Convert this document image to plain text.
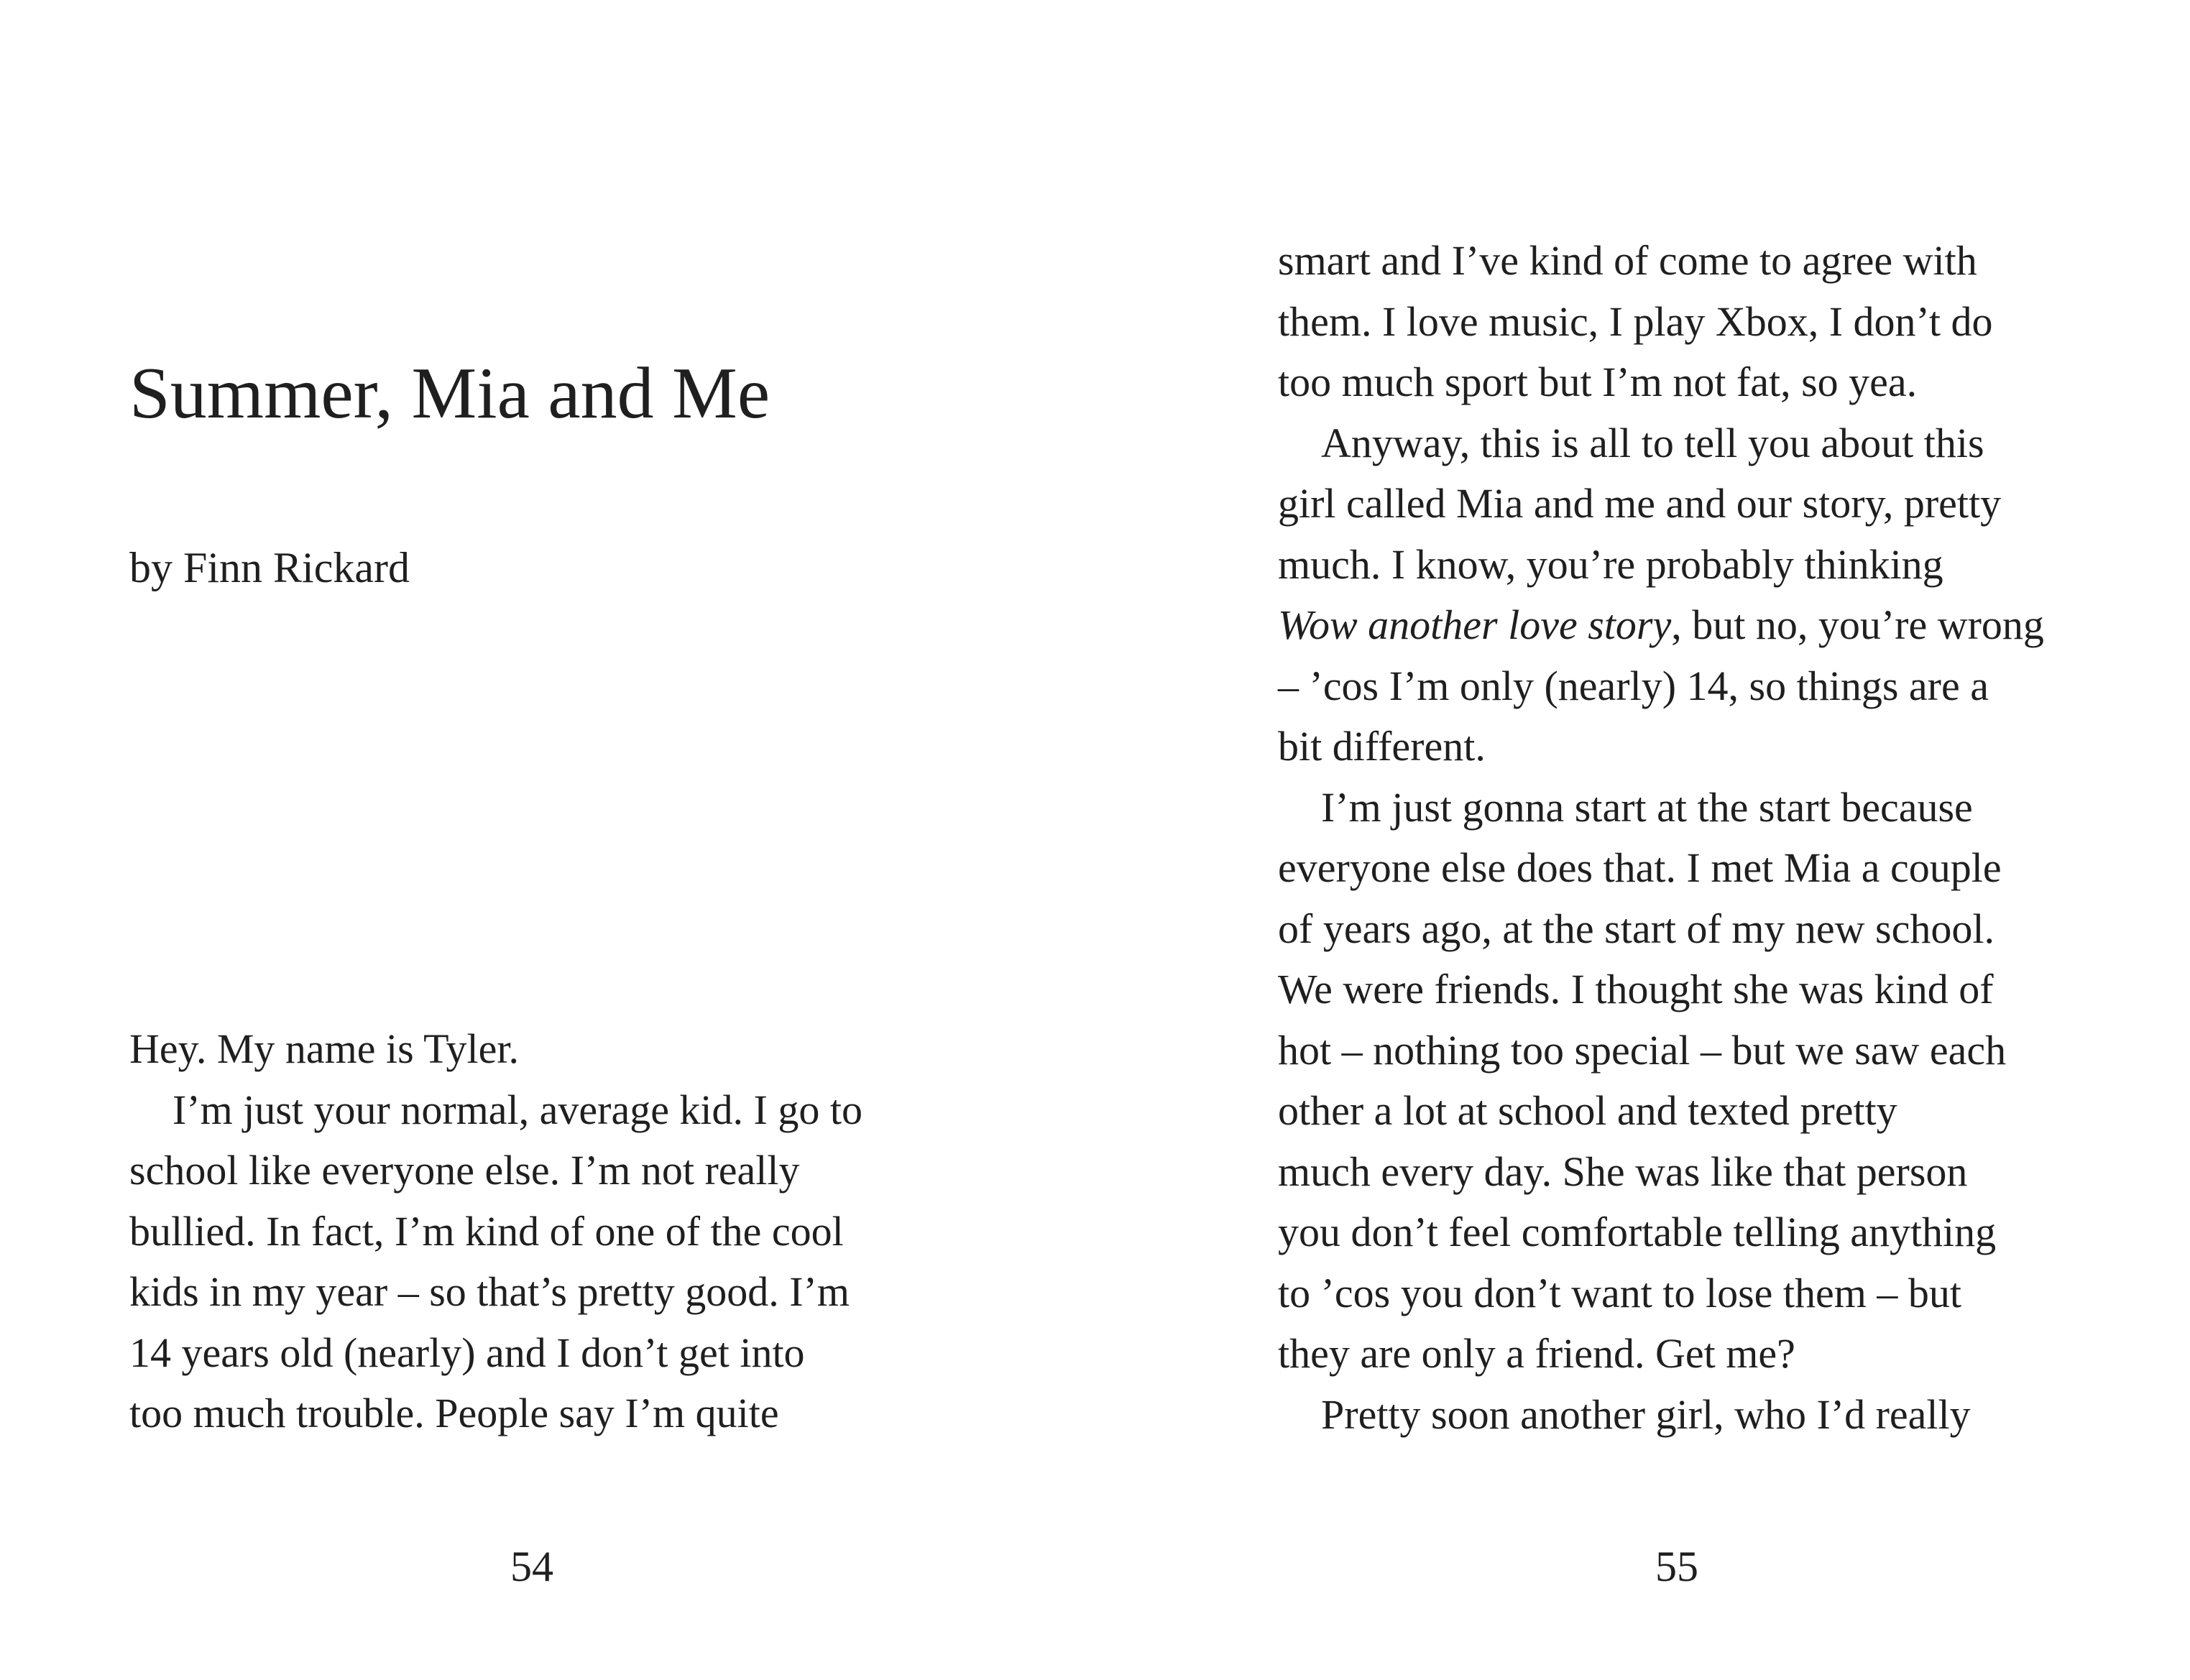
Summer, Mia and Me

by Finn Rickard

Hey. My name is Tyler.
I’m just your normal, average kid. I go to
school like everyone else. I’m not really
bullied. In fact, I’m kind of one of the cool
kids in my year – so that’s pretty good. I’m
14 years old (nearly) and I don’t get into
too much trouble. People say I’m quite

54

smart and I’ve kind of come to agree with
them. I love music, I play Xbox, I don’t do
too much sport but I’m not fat, so yea.
Anyway, this is all to tell you about this
girl called Mia and me and our story, pretty
much. I know, you’re probably thinking
Wow another love story, but no, you’re wrong
– ’cos I’m only (nearly) 14, so things are a
bit different.
I’m just gonna start at the start because
everyone else does that. I met Mia a couple
of years ago, at the start of my new school.
We were friends. I thought she was kind of
hot – nothing too special – but we saw each
other a lot at school and texted pretty
much every day. She was like that person
you don’t feel comfortable telling anything
to ’cos you don’t want to lose them – but
they are only a friend. Get me?
Pretty soon another girl, who I’d really

55
